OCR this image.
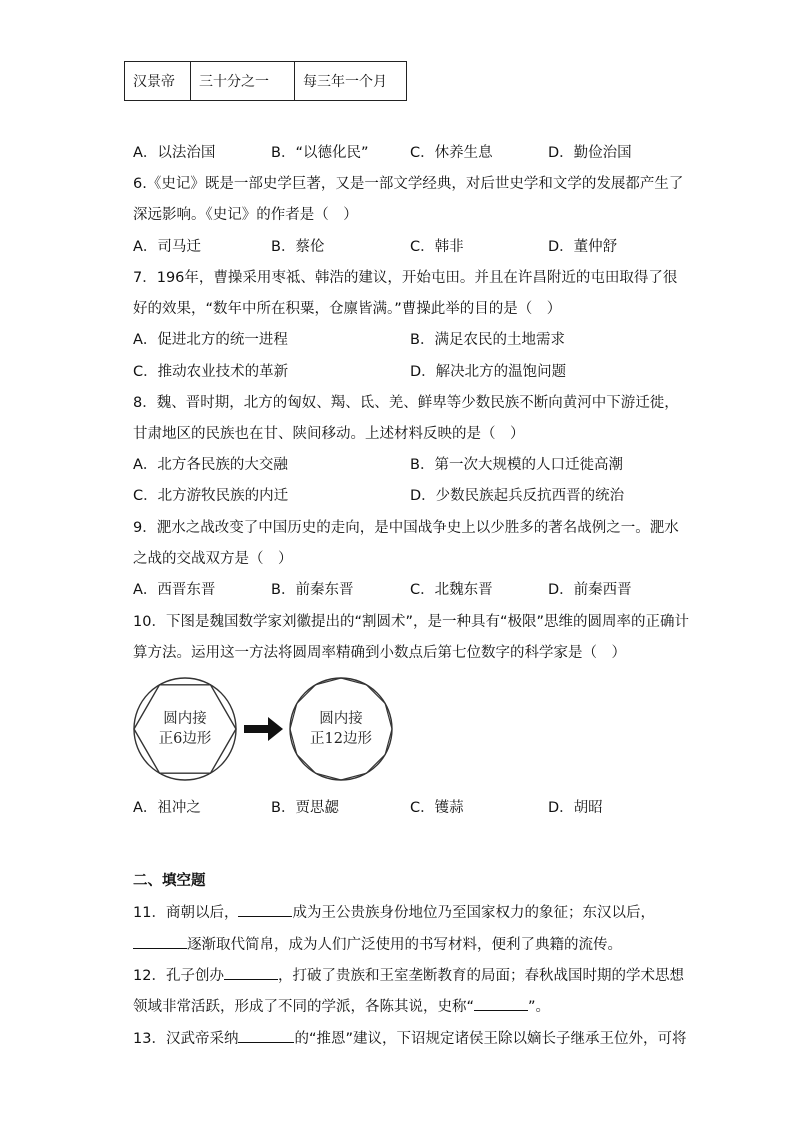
汉景帝	三十分之一	每三年一个月
A．以法治国	B．“以德化民”	C．休养生息	D．勤俭治国
6.《史记》既是一部史学巨著，又是一部文学经典，对后世史学和文学的发展都产生了
深远影响。《史记》的作者是（　）
A．司马迁	B．蔡伦	C．韩非	D．董仲舒
7．196年，曹操采用枣祗、韩浩的建议，开始屯田。并且在许昌附近的屯田取得了很
好的效果，“数年中所在积粟，仓廪皆满。”曹操此举的目的是（　）
A．促进北方的统一进程	B．满足农民的土地需求
C．推动农业技术的革新	D．解决北方的温饱问题
8．魏、晋时期，北方的匈奴、羯、氐、羌、鲜卑等少数民族不断向黄河中下游迁徙，
甘肃地区的民族也在甘、陕间移动。上述材料反映的是（　）
A．北方各民族的大交融	B．第一次大规模的人口迁徙高潮
C．北方游牧民族的内迁	D．少数民族起兵反抗西晋的统治
9．淝水之战改变了中国历史的走向，是中国战争史上以少胜多的著名战例之一。淝水
之战的交战双方是（　）
A．西晋东晋	B．前秦东晋	C．北魏东晋	D．前秦西晋
10．下图是魏国数学家刘徽提出的“割圆术”，是一种具有“极限”思维的圆周率的正确计
算方法。运用这一方法将圆周率精确到小数点后第七位数字的科学家是（　）
圆内接
正6边形
圆内接
正12边形
A．祖冲之	B．贾思勰	C．镬蒜	D．胡昭
二、填空题
11．商朝以后，	成为王公贵族身份地位乃至国家权力的象征；东汉以后，
逐渐取代简帛，成为人们广泛使用的书写材料，便利了典籍的流传。
12．孔子创办	，打破了贵族和王室垄断教育的局面；春秋战国时期的学术思想
领域非常活跃，形成了不同的学派，各陈其说，史称“	”。
13．汉武帝采纳	的“推恩”建议，下诏规定诸侯王除以嫡长子继承王位外，可将
